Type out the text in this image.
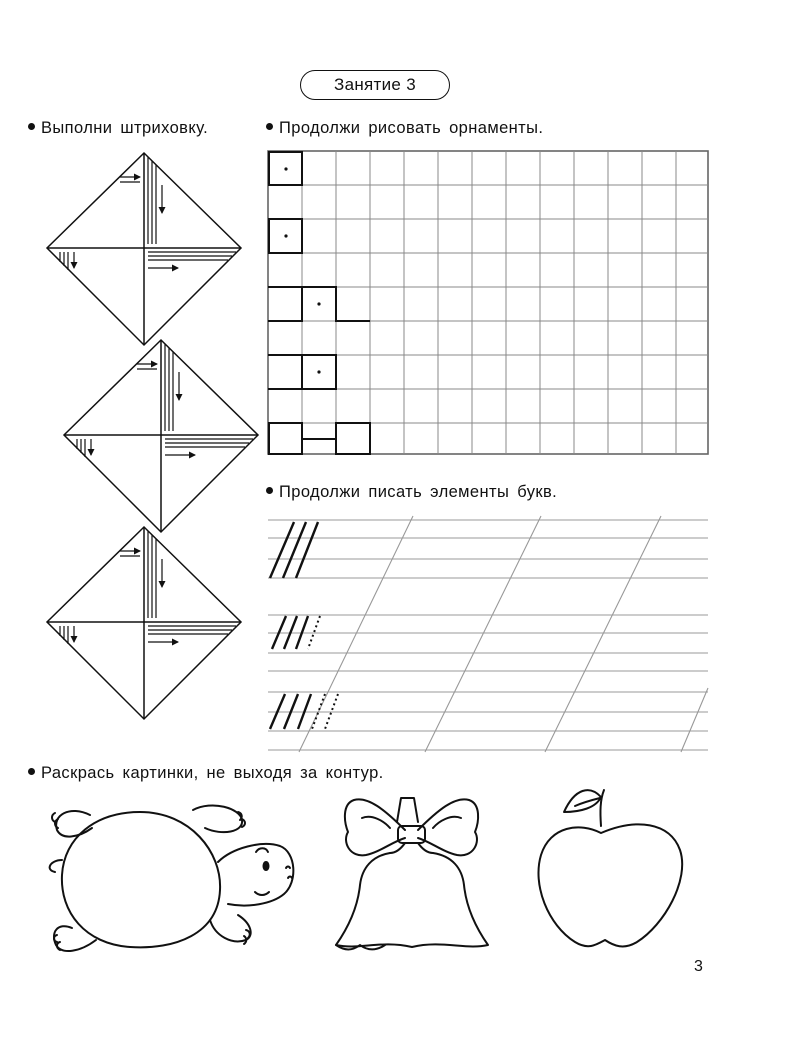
Занятие 3
Выполни штриховку.	Продолжи рисовать орнаменты.
Продолжи писать элементы букв.
Раскрась картинки, не выходя за контур.
3
